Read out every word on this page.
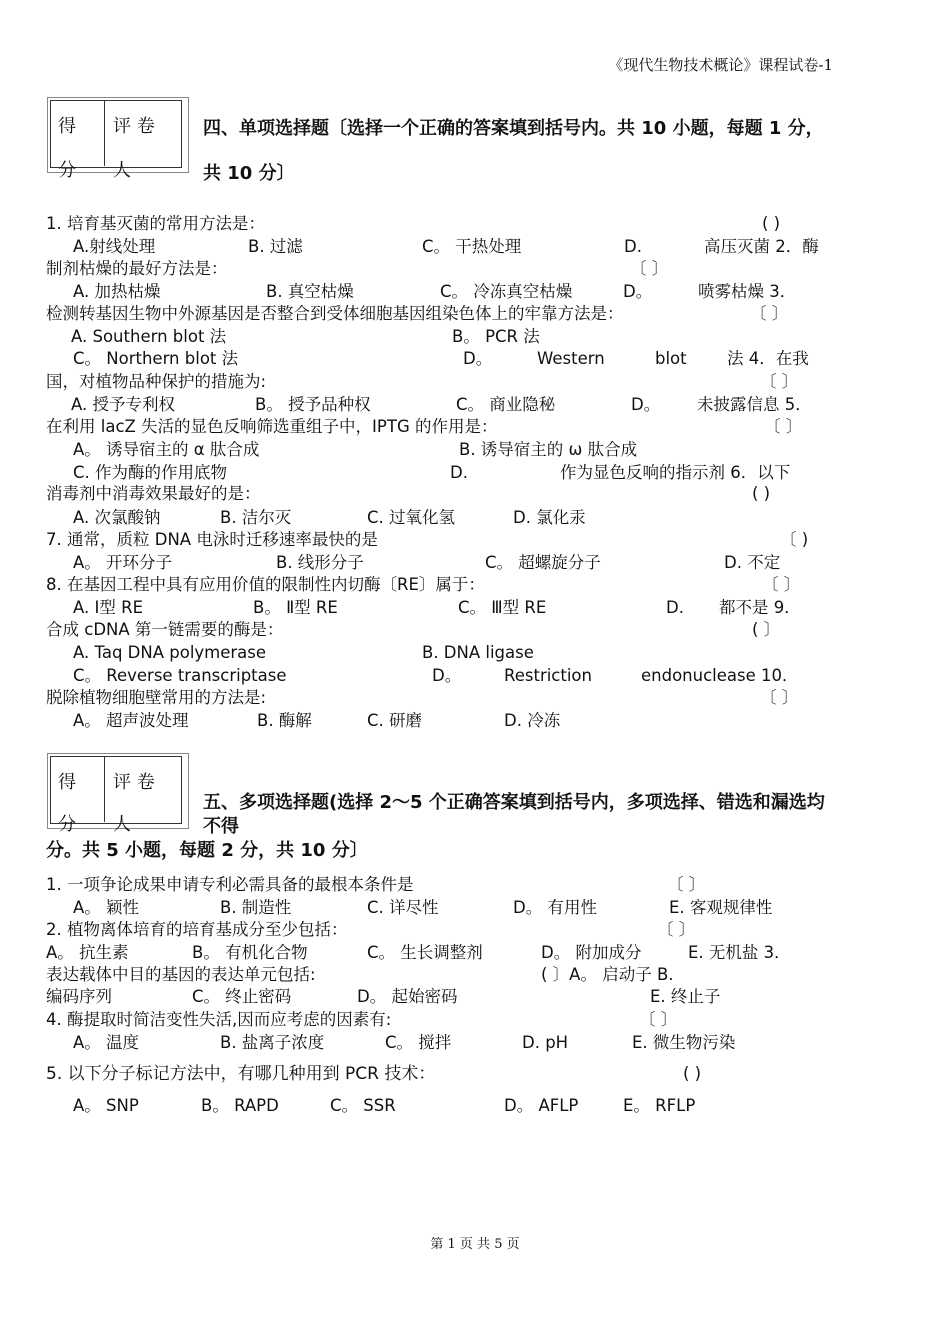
《现代生物技术概论》课程试卷-1
得
分
评 卷
人
四、单项选择题〔选择一个正确的答案填到括号内。共 10 小题，每题 1 分，
共 10 分〕
1. 培育基灭菌的常用方法是：	( )
A.射线处理	B. 过滤	C。 干热处理	D.	高压灭菌 2．酶
制剂枯燥的最好方法是：	〔 〕
A. 加热枯燥	B. 真空枯燥	C。 冷冻真空枯燥	D。	喷雾枯燥 3．
检测转基因生物中外源基因是否整合到受体细胞基因组染色体上的牢靠方法是：	〔 〕
A. Southern blot 法	B。 PCR 法
C。 Northern blot 法	D。	Western	blot 法 4．在我
国，对植物品种保护的措施为:	〔 〕
A. 授予专利权	B。 授予品种权	C。 商业隐秘	D。 未披露信息 5．
在利用 lacZ 失活的显色反响筛选重组子中，IPTG 的作用是：	〔 〕
A。 诱导宿主的 α 肽合成	B. 诱导宿主的 ω 肽合成
C. 作为酶的作用底物	D.	作为显色反响的指示剂 6．以下
消毒剂中消毒效果最好的是：	( )
A. 次氯酸钠	B. 洁尔灭	C. 过氧化氢	D. 氯化汞
7. 通常，质粒 DNA 电泳时迁移速率最快的是	〔 )
A。 开环分子	B. 线形分子	C。 超螺旋分子	D. 不定
8. 在基因工程中具有应用价值的限制性内切酶〔RE〕属于：	〔 〕
A. Ⅰ型 RE	B。 Ⅱ型 RE	C。 Ⅲ型 RE	D. 都不是 9．
合成 cDNA 第一链需要的酶是：	( 〕
A. Taq DNA polymerase	B. DNA ligase
C。 Reverse transcriptase	D。	Restriction	endonuclease 10．
脱除植物细胞壁常用的方法是:	〔 〕
A。 超声波处理	B. 酶解	C. 研磨	D. 冷冻
得
分
评 卷
人
五、多项选择题(选择 2～5 个正确答案填到括号内，多项选择、错选和漏选均
不得
分。共 5 小题，每题 2 分，共 10 分〕
1. 一项争论成果申请专利必需具备的最根本条件是	〔 〕
A。 颖性	B. 制造性	C. 详尽性	D。 有用性	E. 客观规律性
2. 植物离体培育的培育基成分至少包括：	〔 〕
A。 抗生素	B。 有机化合物	C。 生长调整剂	D。 附加成分	E. 无机盐 3．
表达载体中目的基因的表达单元包括:	( 〕A。 启动子 B.
编码序列	C。 终止密码	D。 起始密码	E. 终止子
4. 酶提取时简洁变性失活,因而应考虑的因素有:	〔 〕
A。 温度	B. 盐离子浓度	C。 搅拌	D. pH	E. 微生物污染
5. 以下分子标记方法中，有哪几种用到 PCR 技术：	( )
A。 SNP	B。 RAPD	C。 SSR	D。 AFLP	E。 RFLP
第 1 页 共 5 页
